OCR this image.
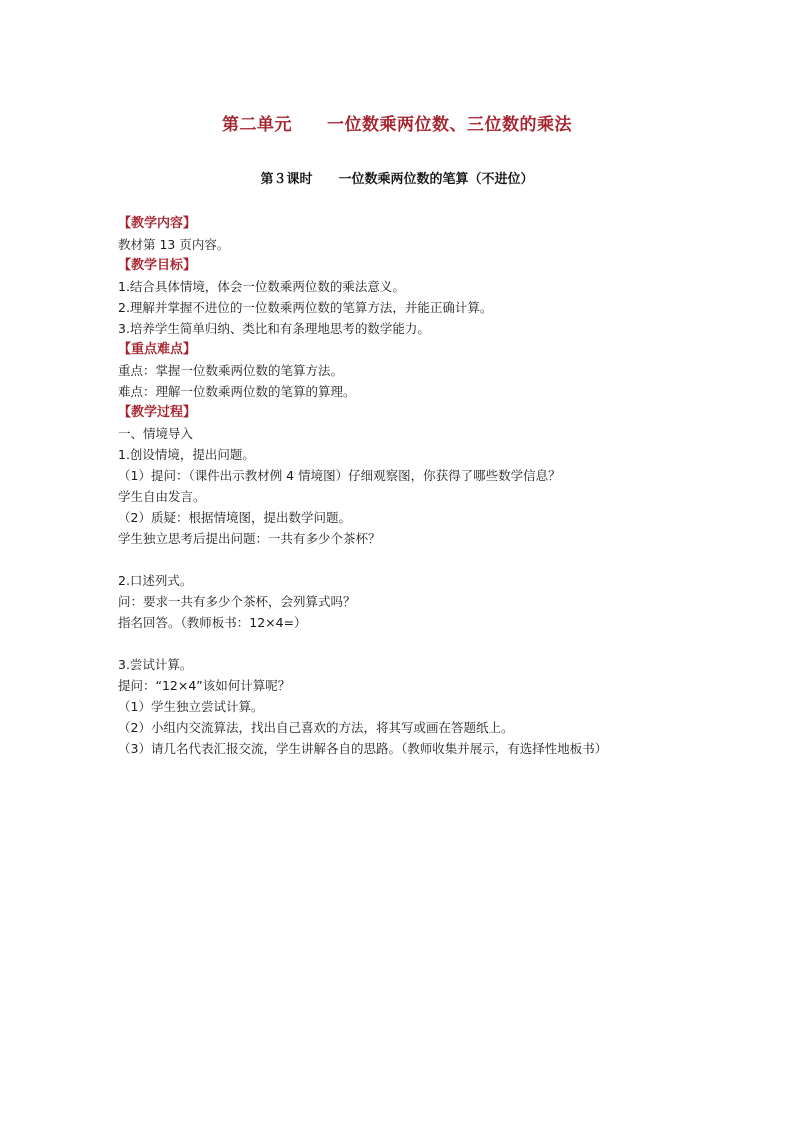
第二单元　　一位数乘两位数、三位数的乘法
第３课时　　一位数乘两位数的笔算（不进位）
【教学内容】
教材第 13 页内容。
【教学目标】
1.结合具体情境，体会一位数乘两位数的乘法意义。
2.理解并掌握不进位的一位数乘两位数的笔算方法，并能正确计算。
3.培养学生简单归纳、类比和有条理地思考的数学能力。
【重点难点】
重点：掌握一位数乘两位数的笔算方法。
难点：理解一位数乘两位数的笔算的算理。
【教学过程】
一、情境导入
1.创设情境，提出问题。
（1）提问：（课件出示教材例 4 情境图）仔细观察图，你获得了哪些数学信息？
学生自由发言。
（2）质疑：根据情境图，提出数学问题。
学生独立思考后提出问题：一共有多少个茶杯？
2.口述列式。
问：要求一共有多少个茶杯，会列算式吗？
指名回答。（教师板书：12×4=）
3.尝试计算。
提问：“12×4”该如何计算呢？
（1）学生独立尝试计算。
（2）小组内交流算法，找出自己喜欢的方法，将其写或画在答题纸上。
（3）请几名代表汇报交流，学生讲解各自的思路。（教师收集并展示，有选择性地板书）
